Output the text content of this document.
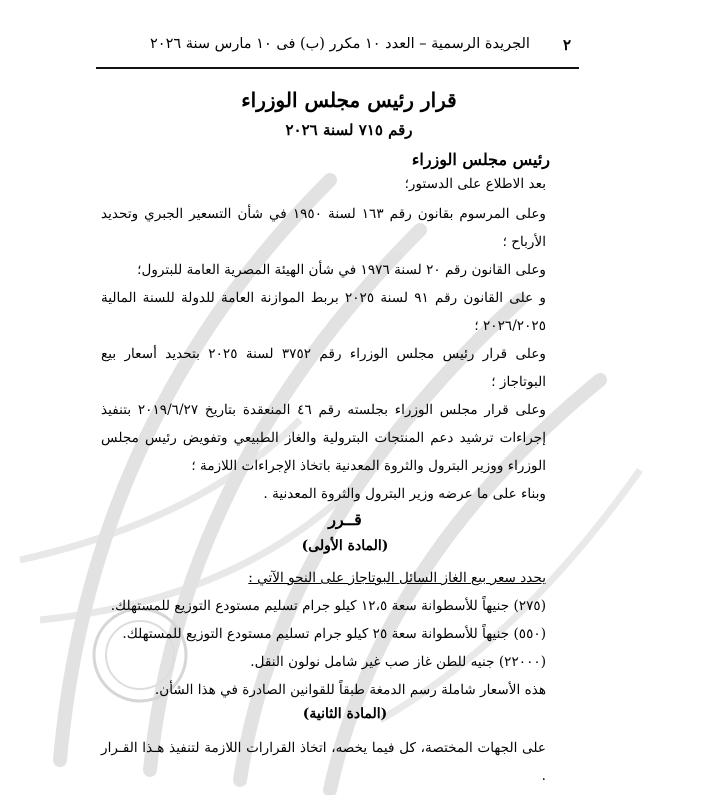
٢
الجريدة الرسمية – العدد ١٠ مكرر (ب) فى ١٠ مارس سنة ٢٠٢٦
قرار رئيس مجلس الوزراء
رقم ٧١٥ لسنة ٢٠٢٦
رئيس مجلس الوزراء
بعد الاطلاع على الدستور؛
وعلى المرسوم بقانون رقم ١٦٣ لسنة ١٩٥٠ في شأن التسعير الجبري وتحديد الأرباح ؛
وعلى القانون رقم ٢٠ لسنة ١٩٧٦ في شأن الهيئة المصرية العامة للبترول؛
و على القانون رقم ٩١ لسنة ٢٠٢٥ بربط الموازنة العامة للدولة للسنة المالية ٢٠٢٦/٢٠٢٥ ؛
وعلى قرار رئيس مجلس الوزراء رقم ٣٧٥٢ لسنة ٢٠٢٥ بتحديد أسعار بيع البوتاجاز ؛
وعلى قرار مجلس الوزراء بجلسته رقم ٤٦ المنعقدة بتاريخ ٢٠١٩/٦/٢٧ بتنفيذ إجراءات ترشيد دعم المنتجات البترولية والغاز الطبيعي وتفويض رئيس مجلس الوزراء ووزير البترول والثروة المعدنية باتخاذ الإجراءات اللازمة ؛
وبناء على ما عرضه وزير البترول والثروة المعدنية .
قــرر
(المادة الأولى)
يحدد سعر بيع الغاز السائل البوتاجاز على النحو الآتي :
(٢٧٥) جنيهاً للأسطوانة سعة ١٢،٥ كيلو جرام تسليم مستودع التوزيع للمستهلك.
(٥٥٠) جنيهاً للأسطوانة سعة ٢٥ كيلو جرام تسليم مستودع التوزيع للمستهلك.
(٢٢٠٠٠) جنيه للطن غاز صب غير شامل نولون النقل.
هذه الأسعار شاملة رسم الدمغة طبقاً للقوانين الصادرة في هذا الشأن.
(المادة الثانية)
على الجهات المختصة، كل فيما يخصه، اتخاذ القرارات اللازمة لتنفيذ هـذا القـرار .
